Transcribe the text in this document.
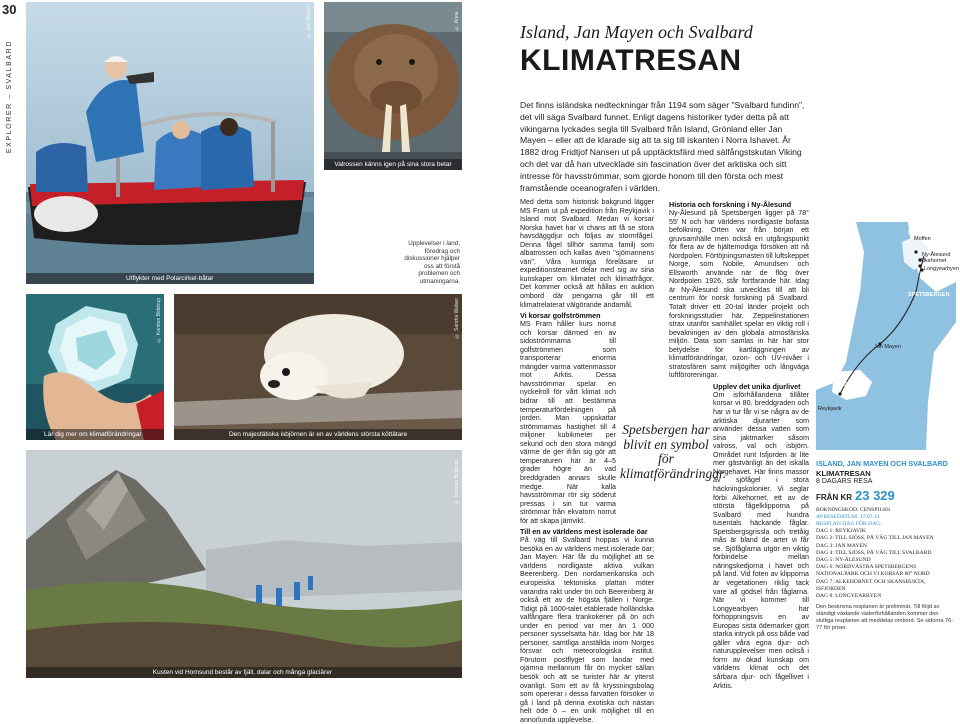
30
EXPLORER – SVALBARD
Utflykter med Polarcirkel-båtar
© Jon Mullan
Valrossen känns igen på sina stora betar
© Anna ...
Upplevelser i land, föredrag och diskussioner hjälper oss att förstå problemen och utmaningarna.
Lär dig mer om klimatförändringar
© Karsten Bidstrup
Den majestätiska isbjörnen är en av världens största köttätare
© Sandra Walser
Kusten vid Hornsund består av fjäll, dalar och många glaciärer
© Karsten Bidstrup
Island, Jan Mayen och Svalbard
KLIMATRESAN
Det finns isländska nedteckningar från 1194 som säger "Svalbard fundinn", det vill säga Svalbard funnet. Enligt dagens historiker tyder detta på att vikingarna lyckades segla till Svalbard från Island, Grönland eller Jan Mayen – eller att de klarade sig att ta sig till iskanten i Norra Ishavet. År 1882 drog Fridtjof Nansen ut på upptäcktsfärd med sälfångstskutan Viking och det var då han utvecklade sin fascination över det arktiska och sitt intresse för havsströmmar, som gjorde honom till den första och mest framstående oceanografen i världen.

Med detta som historisk bakgrund lägger MS Fram ut på expedition från Reykjavik i Island mot Svalbard. Medan vi korsar Norska havet har vi chans att få se stora havsdäggdjur och följas av stormfågel. Denna fågel tillhör samma familj som albatrossen och kallas även "sjömannens vän". Våra kunniga föreläsare ur expeditionsteamet delar med sig av sina kunskaper om klimatet och klimatfrågor. Det kommer också att hållas en auktion ombord där pengarna går till ett klimatrelaterat välgörande ändamål.

Vi korsar golfströmmen

MS Fram håller kurs norrut och korsar därmed en av sidoströmmarna till golfströmmen som transporterar enorma mängder varma vattenmassor mot Arktis. Dessa havsströmmar spelar en nyckelroll för vårt klimat och bidrar till att bestämma temperaturfördelningen på jorden. Man uppskattar strömmarnas hastighet till 4 miljoner kubikmeter per sekund och den stora mängd värme de ger ifrån sig gör att temperaturen här är 4–5 grader högre än vad breddgraden annars skulle medge. När kalla havsströmmar rör sig söderut pressas i sin tur varma strömmar från ekvatorn norrut för att skapa jämvikt.

Till en av världens mest isolerade öar

På väg till Svalbard hoppas vi kunna besöka en av världens mest isolerade öar; Jan Mayen. Här får du möjlighet att se världens nordligaste aktiva vulkan Beerenberg. Den nordamerikanska och europeiska tektoniska plattan möter varandra rakt under ön och Beerenberg är också ett av de högsta fjällen i Norge. Tidigt på 1600-talet etablerade holländska valfångare flera trankokerier på ön och under en period var mer än 1 000 personer sysselsatta här. Idag bor här 18 personer, samtliga anställda inom Norges försvar och meteorologiska institut. Förutom postflyget som landar med ojämna mellanrum får ön mycket sällan besök och att se turister här är ytterst ovanligt. Som ett av få kryssningsbolag som opererar i dessa farvatten försöker vi gå i land på denna exotiska och nästan helt öde ö – en unik möjlighet till en annorlunda upplevelse.

Historia och forskning i Ny-Ålesund

Ny-Ålesund på Spetsbergen ligger på 78° 55' N och har världens nordligaste bofasta befolkning. Orten var från början ett gruvsamhälle men också en utgångspunkt för flera av de hjältemodiga försöken att nå Nordpolen. Förtöjningsmasten till luftskeppet Norge, som Nobile, Amundsen och Ellsworth använde när de flög över Nordpolen 1926, står fortfarande här. Idag är Ny-Ålesund ska utvecklas till att bli centrum för norsk forskning på Svalbard. Totalt driver ett 20-tal länder projekt och forskningsstudier här. Zeppelinstationen strax utanför samhället spelar en viktig roll i bevakningen av den globala atmosfäriska miljön. Data som samlas in här har stor betydelse för kartläggningen av klimatförändringar, ozon- och UV-nivåer i stratosfären samt miljögifter och långväga luftföroreningar.

Upplev det unika djurlivet

Om isförhållandena tillåter korsar vi 80. breddgraden och har vi tur får vi se några av de arktiska djurarter som använder dessa vatten som sina jaktmarker såsom valross, val och isbjörn. Området runt Isfjorden är lite mer gästvänligt än det iskalla Norgehavet. Här finns massor av sjöfågel i stora häckningskolonier. Vi seglar förbi Alkehornet, ett av de största fågelklipporna på Svalbard med hundra tusentals häckande fåglar. Spetsbergsgrissla och tretåig mås är bland de arter vi får se. Sjöfåglarna utgör en viktig förbindelse mellan näringskedjorna i havet och på land. Vid foten av klipporna är vegetationen riklig tack vare all gödsel från fåglarna. När vi kommer till Longyearbyen har förhoppningsvis en av Europas sista ödemarker gjort starka intryck på oss både vad gäller våra egna djur- och naturupplevelser men också i form av ökad kunskap om världens klimat och det sårbara djur- och fågellivet i Arktis.

Spetsbergen har blivit en symbol för klimatförändringar.
Moffen
Ny-Ålesund
Alkehornet
Longyearbyen
Jan Mayen
Reykjavik
GRØNLAND
ISLAND
SVALBARD
NORGE
SPETSBERGEN
ISLAND, JAN MAYEN OCH SVALBARD
KLIMATRESAN
8 DAGARS RESA
FRÅN KR 23 329
BOKNINGSKOD: CENSPI1401
AVRESEDATUM: 17.07.14
RESPLAN DAG FÖR DAG:
DAG 1: REYKJAVIK
DAG 2: TILL SJÖSS, PÅ VÄG TILL JAN MAYEN
DAG 3: JAN MAYEN
DAG 4: TILL SJÖSS, PÅ VÄG TILL SVALBARD
DAG 5: NY-ÅLESUND
DAG 6: NORDVÄSTRA SPETSBERGENS NATIONALPARK OCH VI KORSAR 80° NORD
DAG 7: ALKEHORNET OCH SKANSBUKTA, ISFJORDEN
DAG 8: LONGYEARBYEN
Den beskrivna resplanen är preliminär. Till följd av ständigt växlande väderförhållanden kommer den slutliga resplanen att meddelas ombord. Se sidorna 76-77 för priser.
